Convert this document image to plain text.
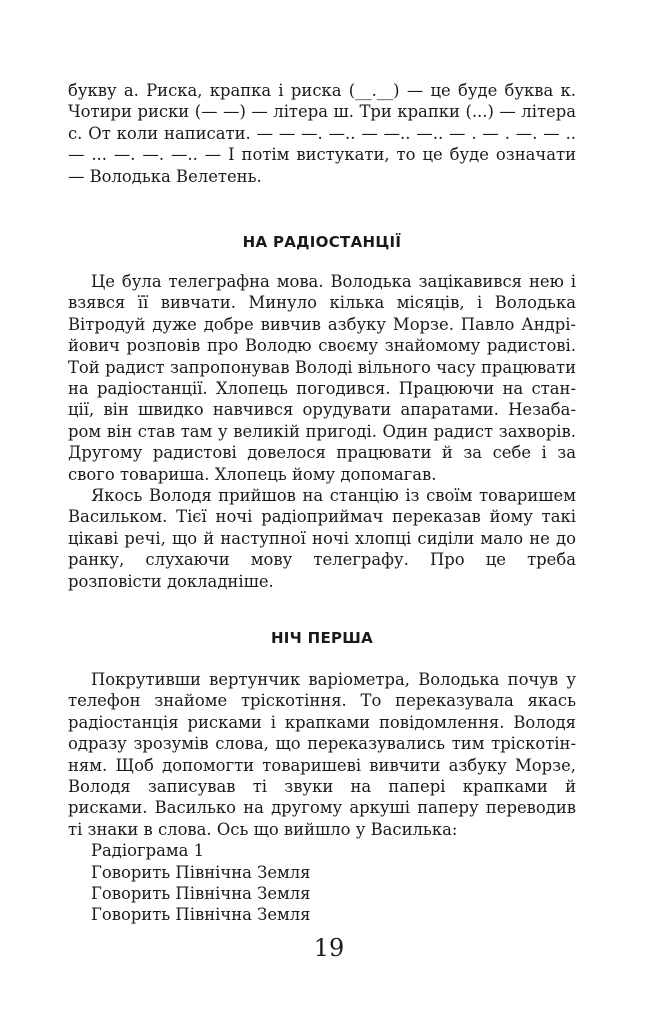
букву а. Риска, крапка і риска (__.__) — це буде буква к. Чотири риски (— —) — літера ш. Три крапки (...) — літера с. От коли написати. — — —. —.. — —.. —.. — . — . —. — .. — ... —. —. —.. — І потім вистукати, то це буде означати — Володька Велетень.

НА РАДІОСТАНЦІЇ

Це була телеграфна мова. Володька зацікавився нею і взявся її вивчати. Минуло кілька місяців, і Володька Вітродуй дуже добре вивчив азбуку Морзе. Павло Андрійович розповів про Володю своєму знайомому радистові. Той радист запропонував Володі вільного часу працювати на радіостанції. Хлопець погодився. Працюючи на станції, він швидко навчився орудувати апаратами. Незабаром він став там у великій пригоді. Один радист захворів. Другому радистові довелося працювати й за себе і за свого товариша. Хлопець йому допомагав.

Якось Володя прийшов на станцію із своїм товаришем Васильком. Тієї ночі радіоприймач переказав йому такі цікаві речі, що й наступної ночі хлопці сиділи мало не до ранку, слухаючи мову телеграфу. Про це треба розповісти докладніше.

НІЧ ПЕРША

Покрутивши вертунчик варіометра, Володька почув у телефон знайоме тріскотіння. То переказувала якась радіостанція рисками і крапками повідомлення. Володя одразу зрозумів слова, що переказувались тим тріскотінням. Щоб допомогти товаришеві вивчити азбуку Морзе, Володя записував ті звуки на папері крапками й рисками. Василько на другому аркуші паперу переводив ті знаки в слова. Ось що вийшло у Василька:

Радіограма 1

Говорить Північна Земля

Говорить Північна Земля

Говорить Північна Земля

19
